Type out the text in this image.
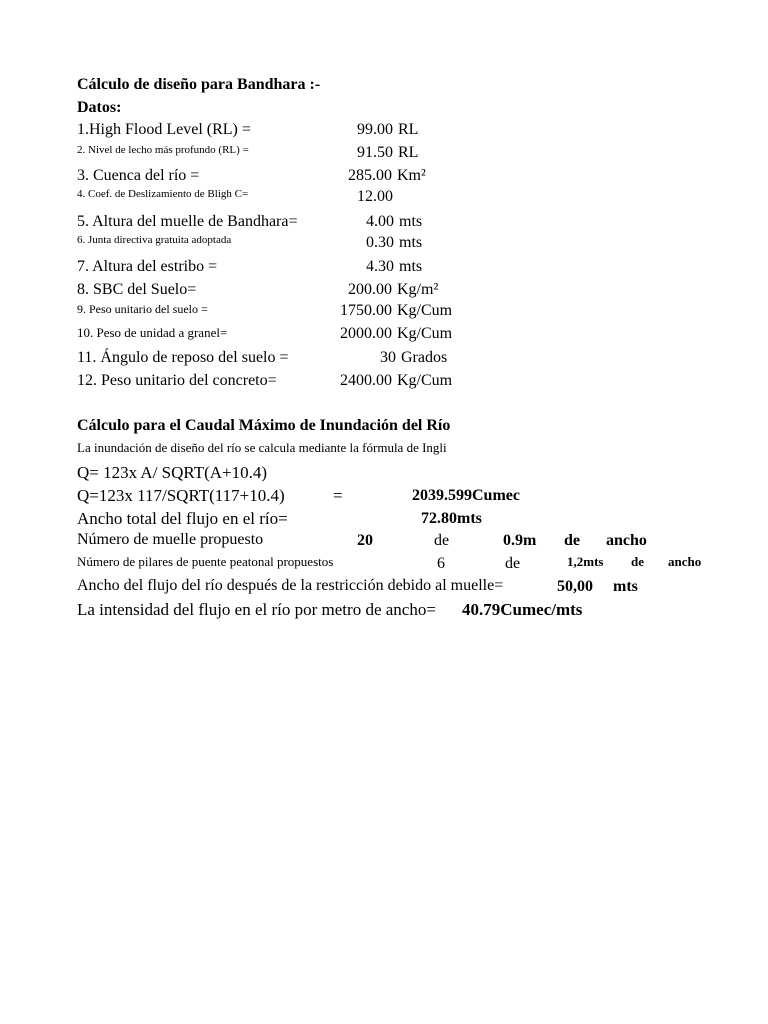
Cálculo de diseño para Bandhara :-
Datos:
1.High Flood Level (RL) =	99.00 RL
2. Nivel de lecho más profundo (RL) =	91.50 RL
3. Cuenca del río =	285.00 Km²
4. Coef. de Deslizamiento de Bligh C=	12.00
5. Altura del muelle de Bandhara=	4.00 mts
6. Junta directiva gratuita adoptada	0.30 mts
7. Altura del estribo =	4.30 mts
8. SBC del Suelo=	200.00 Kg/m²
9. Peso unitario del suelo =	1750.00 Kg/Cum
10. Peso de unidad a granel=	2000.00 Kg/Cum
11. Ángulo de reposo del suelo =	30 Grados
12. Peso unitario del concreto=	2400.00 Kg/Cum
Cálculo para el Caudal Máximo de Inundación del Río
La inundación de diseño del río se calcula mediante la fórmula de Ingli
Q= 123x A/ SQRT(A+10.4)
Q=123x 117/SQRT(117+10.4)	=	2039.599Cumec
Ancho total del flujo en el río=	72.80mts
Número de muelle propuesto	20	de	0.9m de ancho
Número de pilares de puente peatonal propuestos	6	de	1,2mts de ancho
Ancho del flujo del río después de la restricción debido al muelle=	50,00 mts
La intensidad del flujo en el río por metro de ancho= 40.79Cumec/mts
